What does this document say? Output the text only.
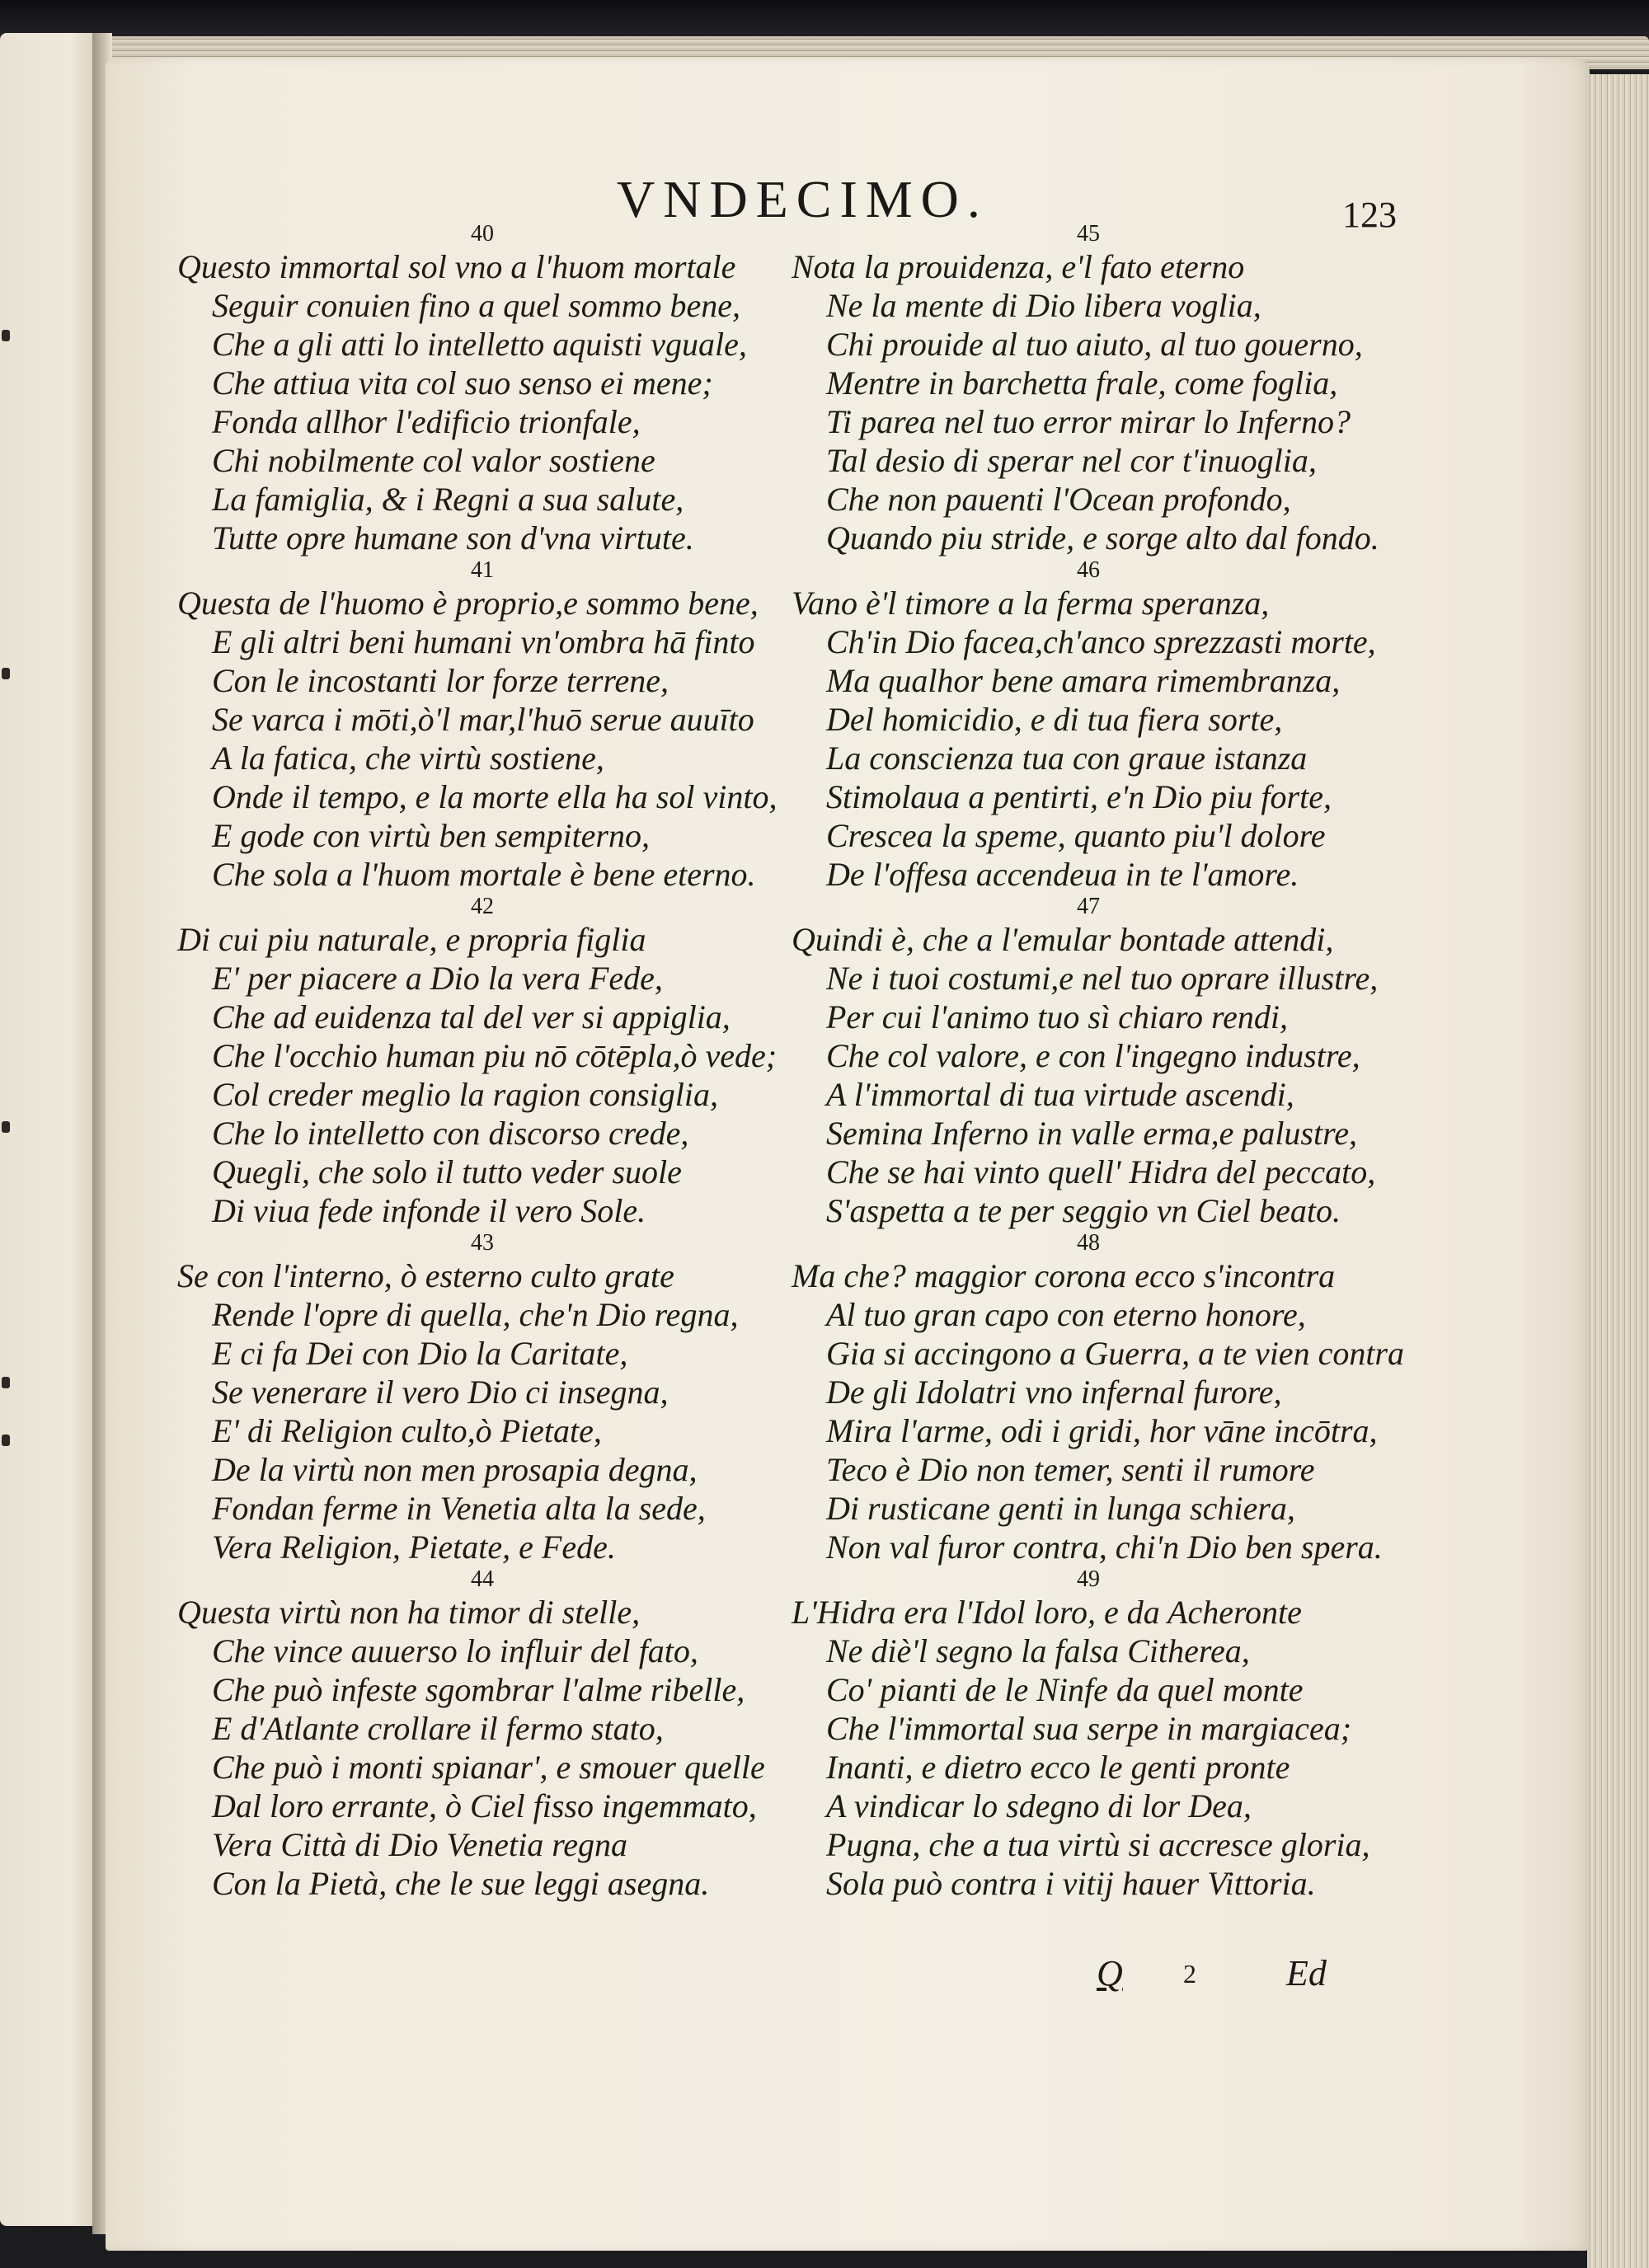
VNDECIMO.	123
40
Questo immortal sol vno a l'huom mortale
Seguir conuien fino a quel sommo bene,
Che a gli atti lo intelletto aquisti vguale,
Che attiua vita col suo senso ei mene;
Fonda allhor l'edificio trionfale,
Chi nobilmente col valor sostiene
La famiglia, & i Regni a sua salute,
Tutte opre humane son d'vna virtute.
41
Questa de l'huomo è proprio,e sommo bene,
E gli altri beni humani vn'ombra hā finto
Con le incostanti lor forze terrene,
Se varca i mōti,ò'l mar,l'huō serue auuīto
A la fatica, che virtù sostiene,
Onde il tempo, e la morte ella ha sol vinto,
E gode con virtù ben sempiterno,
Che sola a l'huom mortale è bene eterno.
42
Di cui piu naturale, e propria figlia
E' per piacere a Dio la vera Fede,
Che ad euidenza tal del ver si appiglia,
Che l'occhio human piu nō cōtēpla,ò vede;
Col creder meglio la ragion consiglia,
Che lo intelletto con discorso crede,
Quegli, che solo il tutto veder suole
Di viua fede infonde il vero Sole.
43
Se con l'interno, ò esterno culto grate
Rende l'opre di quella, che'n Dio regna,
E ci fa Dei con Dio la Caritate,
Se venerare il vero Dio ci insegna,
E' di Religion culto,ò Pietate,
De la virtù non men prosapia degna,
Fondan ferme in Venetia alta la sede,
Vera Religion, Pietate, e Fede.
44
Questa virtù non ha timor di stelle,
Che vince auuerso lo influir del fato,
Che può infeste sgombrar l'alme ribelle,
E d'Atlante crollare il fermo stato,
Che può i monti spianar', e smouer quelle
Dal loro errante, ò Ciel fisso ingemmato,
Vera Città di Dio Venetia regna
Con la Pietà, che le sue leggi asegna.
45
Nota la prouidenza, e'l fato eterno
Ne la mente di Dio libera voglia,
Chi prouide al tuo aiuto, al tuo gouerno,
Mentre in barchetta frale, come foglia,
Ti parea nel tuo error mirar lo Inferno?
Tal desio di sperar nel cor t'inuoglia,
Che non pauenti l'Ocean profondo,
Quando piu stride, e sorge alto dal fondo.
46
Vano è'l timore a la ferma speranza,
Ch'in Dio facea,ch'anco sprezzasti morte,
Ma qualhor bene amara rimembranza,
Del homicidio, e di tua fiera sorte,
La conscienza tua con graue istanza
Stimolaua a pentirti, e'n Dio piu forte,
Crescea la speme, quanto piu'l dolore
De l'offesa accendeua in te l'amore.
47
Quindi è, che a l'emular bontade attendi,
Ne i tuoi costumi,e nel tuo oprare illustre,
Per cui l'animo tuo sì chiaro rendi,
Che col valore, e con l'ingegno industre,
A l'immortal di tua virtude ascendi,
Semina Inferno in valle erma,e palustre,
Che se hai vinto quell' Hidra del peccato,
S'aspetta a te per seggio vn Ciel beato.
48
Ma che? maggior corona ecco s'incontra
Al tuo gran capo con eterno honore,
Gia si accingono a Guerra, a te vien contra
De gli Idolatri vno infernal furore,
Mira l'arme, odi i gridi, hor vāne incōtra,
Teco è Dio non temer, senti il rumore
Di rusticane genti in lunga schiera,
Non val furor contra, chi'n Dio ben spera.
49
L'Hidra era l'Idol loro, e da Acheronte
Ne diè'l segno la falsa Citherea,
Co' pianti de le Ninfe da quel monte
Che l'immortal sua serpe in margiacea;
Inanti, e dietro ecco le genti pronte
A vindicar lo sdegno di lor Dea,
Pugna, che a tua virtù si accresce gloria,
Sola può contra i vitij hauer Vittoria.
Q 2 Ed
